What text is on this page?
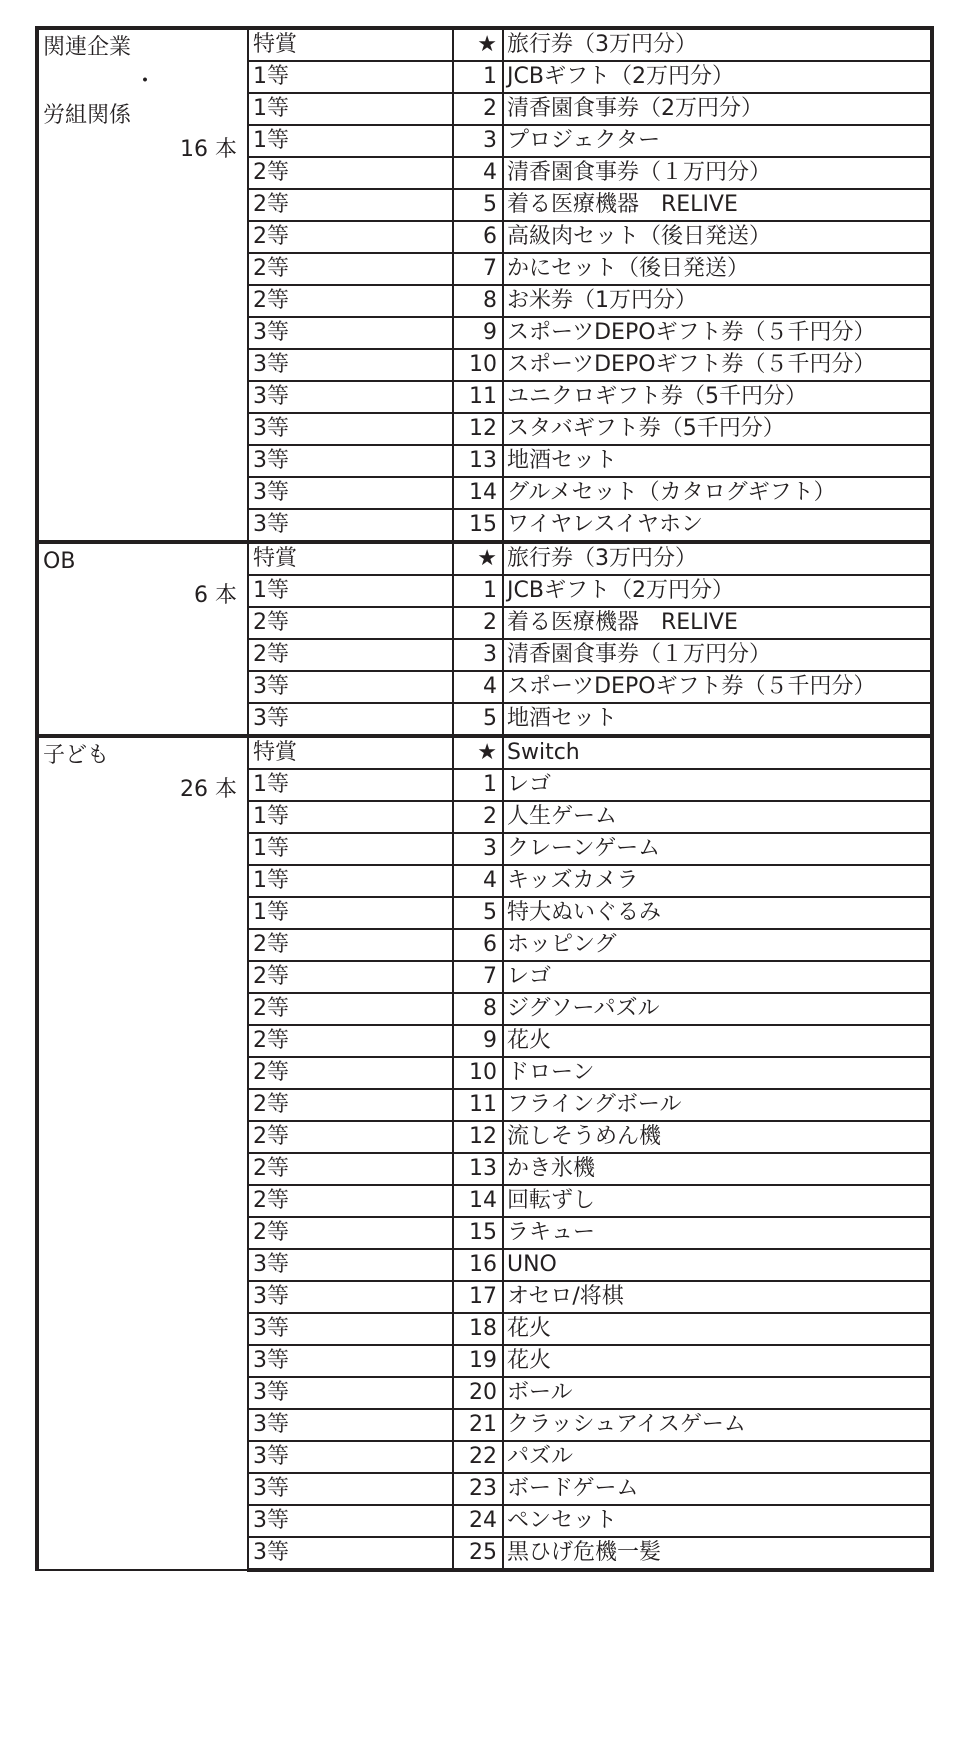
関連企業
・
労組関係
16 本	特賞	★	旅行券（3万円分）
	1等	1	JCBギフト（2万円分）
	1等	2	清香園食事券（2万円分）
	1等	3	プロジェクター
	2等	4	清香園食事券（１万円分）
	2等	5	着る医療機器　RELIVE
	2等	6	高級肉セット（後日発送）
	2等	7	かにセット（後日発送）
	2等	8	お米券（1万円分）
	3等	9	スポーツDEPOギフト券（５千円分）
	3等	10	スポーツDEPOギフト券（５千円分）
	3等	11	ユニクロギフト券（5千円分）
	3等	12	スタバギフト券（5千円分）
	3等	13	地酒セット
	3等	14	グルメセット（カタログギフト）
	3等	15	ワイヤレスイヤホン

OB
6 本	特賞	★	旅行券（3万円分）
	1等	1	JCBギフト（2万円分）
	2等	2	着る医療機器　RELIVE
	2等	3	清香園食事券（１万円分）
	3等	4	スポーツDEPOギフト券（５千円分）
	3等	5	地酒セット

子ども
26 本	特賞	★	Switch
	1等	1	レゴ
	1等	2	人生ゲーム
	1等	3	クレーンゲーム
	1等	4	キッズカメラ
	1等	5	特大ぬいぐるみ
	2等	6	ホッピング
	2等	7	レゴ
	2等	8	ジグソーパズル
	2等	9	花火
	2等	10	ドローン
	2等	11	フライングボール
	2等	12	流しそうめん機
	2等	13	かき氷機
	2等	14	回転ずし
	2等	15	ラキュー
	3等	16	UNO
	3等	17	オセロ/将棋
	3等	18	花火
	3等	19	花火
	3等	20	ボール
	3等	21	クラッシュアイスゲーム
	3等	22	パズル
	3等	23	ボードゲーム
	3等	24	ペンセット
	3等	25	黒ひげ危機一髪
